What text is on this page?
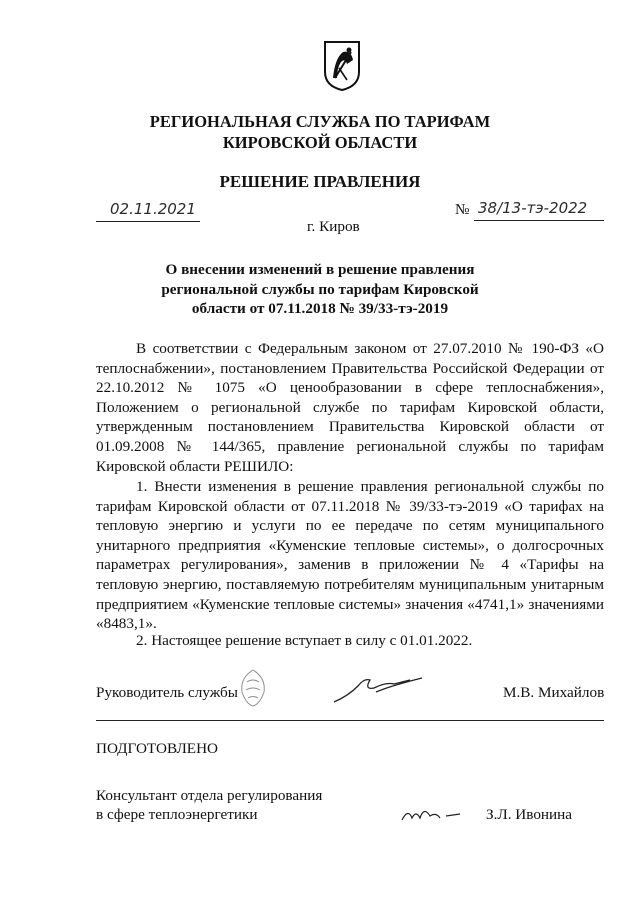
РЕГИОНАЛЬНАЯ СЛУЖБА ПО ТАРИФАМ
КИРОВСКОЙ ОБЛАСТИ
РЕШЕНИЕ ПРАВЛЕНИЯ
02.11.2021	№ 38/13-тэ-2022
г. Киров
О внесении изменений в решение правления
региональной службы по тарифам Кировской
области от 07.11.2018 № 39/33-тэ-2019
В соответствии с Федеральным законом от 27.07.2010 № 190-ФЗ «О теплоснабжении», постановлением Правительства Российской Федерации от 22.10.2012 № 1075 «О ценообразовании в сфере теплоснабжения», Положением о региональной службе по тарифам Кировской области, утвержденным постановлением Правительства Кировской области от 01.09.2008 № 144/365, правление региональной службы по тарифам Кировской области РЕШИЛО:
1. Внести изменения в решение правления региональной службы по тарифам Кировской области от 07.11.2018 № 39/33-тэ-2019 «О тарифах на тепловую энергию и услуги по ее передаче по сетям муниципального унитарного предприятия «Куменские тепловые системы», о долгосрочных параметрах регулирования», заменив в приложении № 4 «Тарифы на тепловую энергию, поставляемую потребителям муниципальным унитарным предприятием «Куменские тепловые системы» значения «4741,1» значениями «8483,1».
2. Настоящее решение вступает в силу с 01.01.2022.
Руководитель службы	М.В. Михайлов
ПОДГОТОВЛЕНО
Консультант отдела регулирования
в сфере теплоэнергетики	З.Л. Ивонина
